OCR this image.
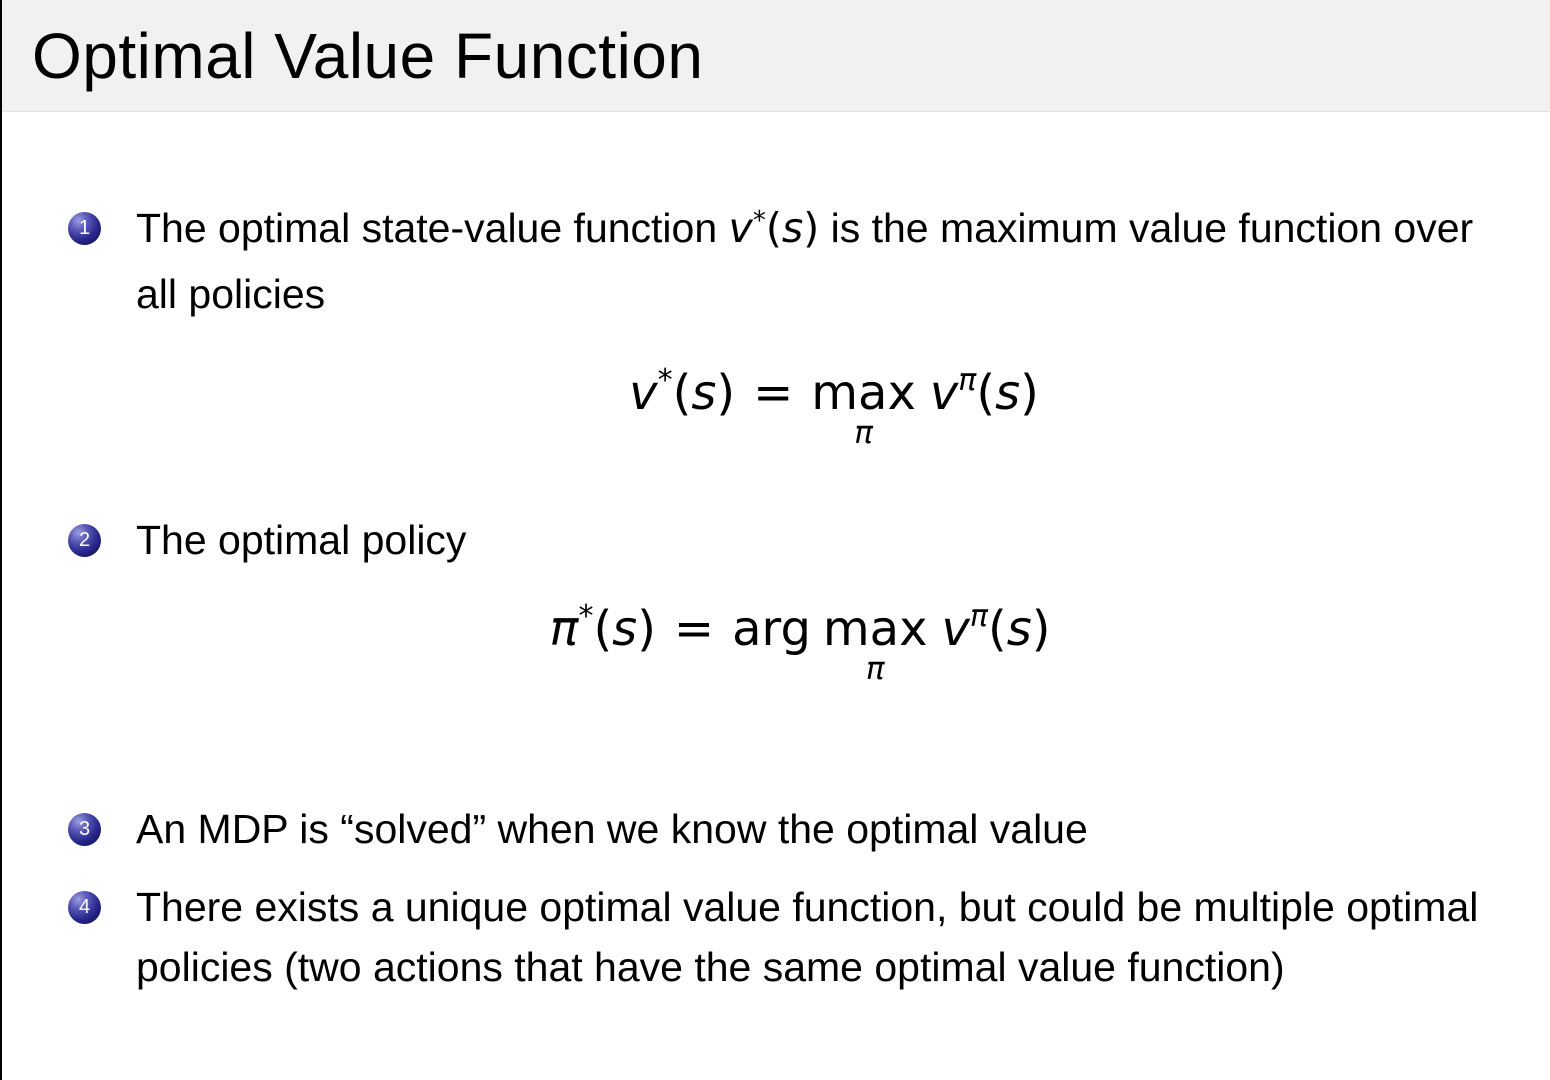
Optimal Value Function
1 The optimal state-value function v*(s) is the maximum value function over all policies
v*(s) = max
π
$v^\pi(s)$
2 The optimal policy
π*(s) = arg max
π
$v^\pi(s)$
3 An MDP is “solved” when we know the optimal value
4 There exists a unique optimal value function, but could be multiple optimal policies (two actions that have the same optimal value function)
